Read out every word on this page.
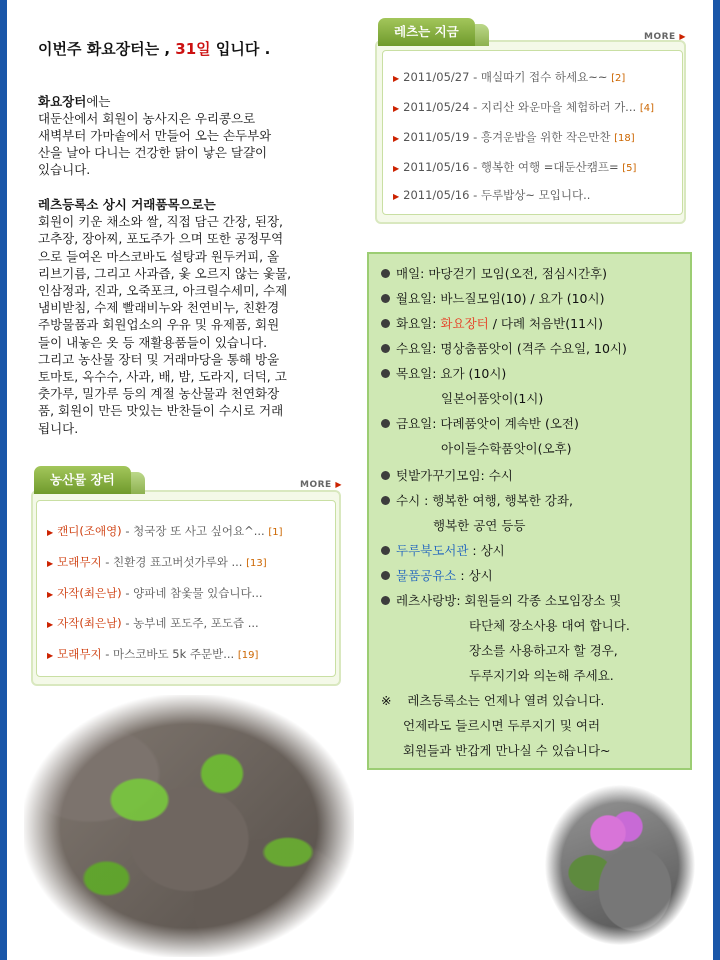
이번주 화요장터는 , 31일 입니다 .

화요장터에는
대둔산에서 회원이 농사지은 우리콩으로
새벽부터 가마솥에서 만들어 오는 손두부와
산을 날아 다니는 건강한 닭이 낳은 달걀이
있습니다.
레츠등록소 상시 거래품목으로는
회원이 키운 채소와 쌀, 직접 담근 간장, 된장,
고추장, 장아찌, 포도주가 으며 또한 공정무역
으로 들여온 마스코바도 설탕과 원두커피, 올
리브기름, 그리고 사과즙, 옻 오르지 않는 옻물,
인삼정과, 진과, 오죽포크, 아크릴수세미, 수제
냄비받침, 수제 빨래비누와 천연비누, 친환경
주방물품과 회원업소의 우유 및 유제품, 회원
들이 내놓은 옷 등 재활용품들이 있습니다.
그리고 농산물 장터 및 거래마당을 통해 방울
토마토, 옥수수, 사과, 배, 밤, 도라지, 더덕, 고
춧가루, 밀가루 등의 계절 농산물과 천연화장
품, 회원이 만든 맛있는 반찬들이 수시로 거래
됩니다.
레츠는 지금	MORE ▶
▶ 2011/05/27 - 매실따기 접수 하세요~~ [2]
▶ 2011/05/24 - 지리산 와운마을 체험하러 가... [4]
▶ 2011/05/19 - 흥겨운밥을 위한 작은만찬 [18]
▶ 2011/05/16 - 행복한 여행 =대둔산캠프= [5]
▶ 2011/05/16 - 두루밥상~ 모입니다..
농산물 장터	MORE ▶
▶ 캔디(조애영) - 청국장 또 사고 싶어요^... [1]
▶ 모래무지 - 친환경 표고버섯가루와 ... [13]
▶ 자작(최은남) - 양파네 참옻물 있습니다...
▶ 자작(최은남) - 농부네 포도주, 포도즙 ...
▶ 모래무지 - 마스코바도 5k 주문받... [19]
매일: 마당걷기 모임(오전, 점심시간후)
월요일: 바느질모임(10) / 요가 (10시)
화요일: 화요장터 / 다례 처음반(11시)
수요일: 명상춤품앗이 (격주 수요일, 10시)
목요일: 요가 (10시)
일본어품앗이(1시)
금요일: 다례품앗이 계속반 (오전)
아이들수학품앗이(오후)
텃밭가꾸기모임: 수시
수시 : 행복한 여행, 행복한 강좌,
행복한 공연 등등
두루북도서관 : 상시
물품공유소 : 상시
레츠사랑방: 회원들의 각종 소모임장소 및
타단체 장소사용 대여 합니다.
장소를 사용하고자 할 경우,
두루지기와 의논해 주세요.
※ 레츠등록소는 언제나 열려 있습니다.
언제라도 들르시면 두루지기 및 여러
회원들과 반갑게 만나실 수 있습니다~
